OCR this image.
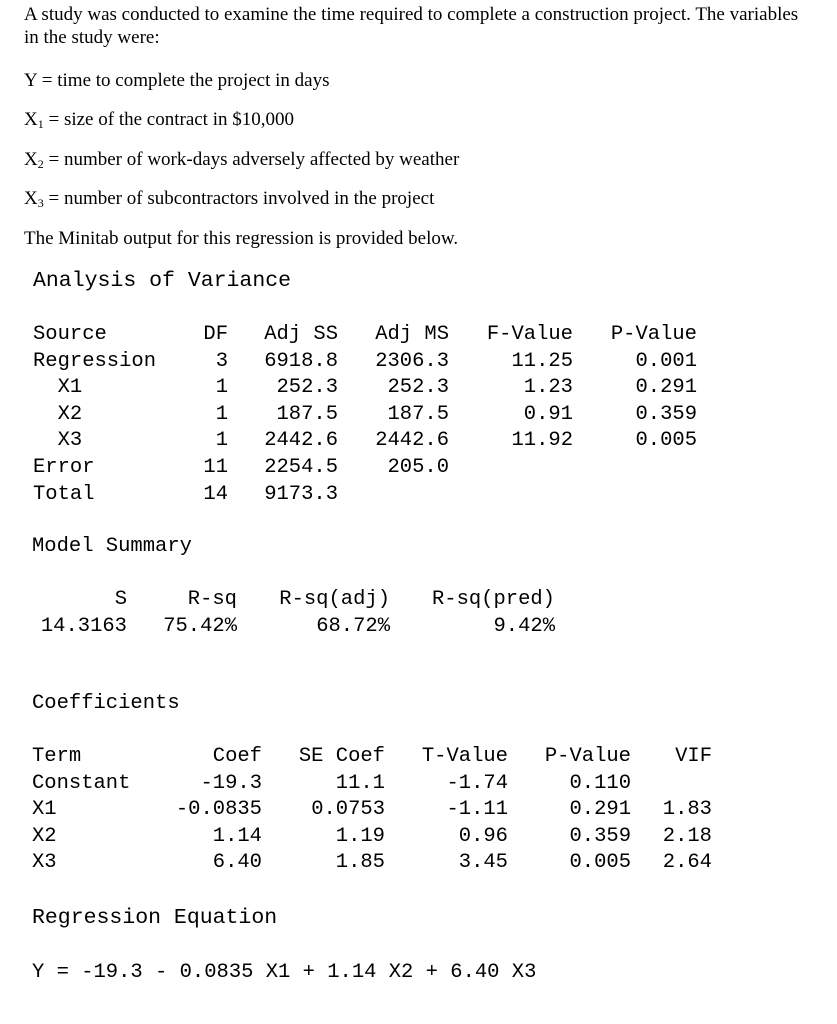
A study was conducted to examine the time required to complete a construction project. The variables in the study were:
Y = time to complete the project in days
$X_1$ = size of the contract in $10,000
$X_2$ = number of work-days adversely affected by weather
$X_3$ = number of subcontractors involved in the project
The Minitab output for this regression is provided below.
Analysis of Variance
Source	DF	Adj SS	Adj MS	F-Value	P-Value
Regression	3	6918.8	2306.3	11.25	0.001
X1	1	252.3	252.3	1.23	0.291
X2	1	187.5	187.5	0.91	0.359
X3	1	2442.6	2442.6	11.92	0.005
Error	11	2254.5	205.0		
Total	14	9173.3			
Model Summary
S	R-sq	R-sq(adj)	R-sq(pred)
14.3163	75.42%	68.72%	9.42%
Coefficients
Term	Coef	SE Coef	T-Value	P-Value	VIF
Constant	-19.3	11.1	-1.74	0.110	
X1	-0.0835	0.0753	-1.11	0.291	1.83
X2	1.14	1.19	0.96	0.359	2.18
X3	6.40	1.85	3.45	0.005	2.64
Regression Equation
Y = -19.3 - 0.0835 X1 + 1.14 X2 + 6.40 X3
